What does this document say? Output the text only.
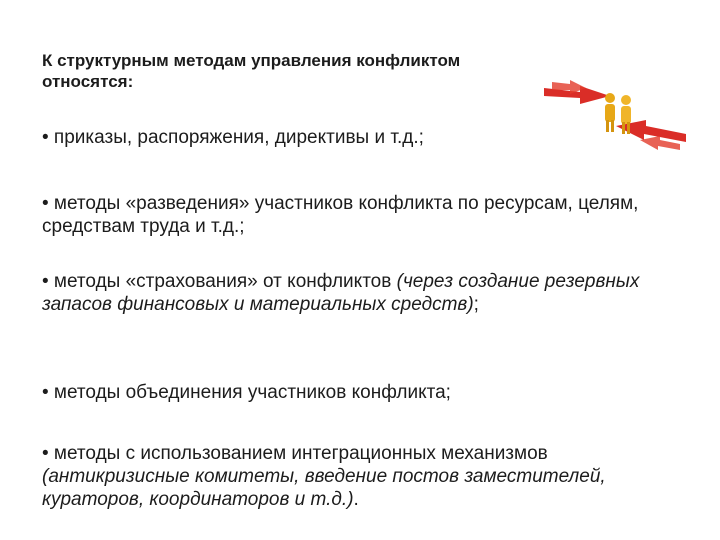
К структурным методам управления конфликтом
относятся:
• приказы, распоряжения, директивы и т.д.;
• методы «разведения» участников конфликта по ресурсам, целям, средствам труда и т.д.;
• методы «страхования» от конфликтов (через создание резервных запасов финансовых и материальных средств);
• методы объединения участников конфликта;
• методы с использованием интеграционных механизмов (антикризисные комитеты, введение постов заместителей, кураторов, координаторов и т.д.).
